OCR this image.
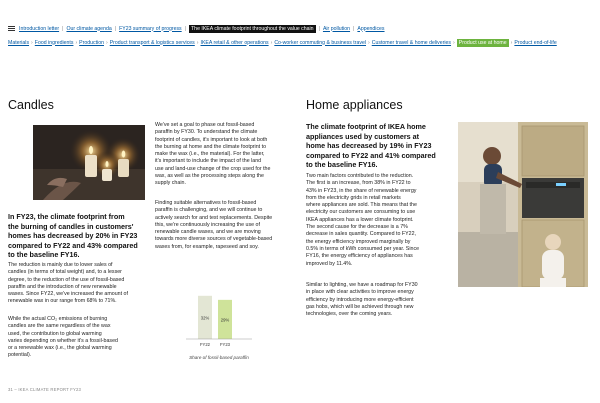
Introduction letter | Our climate agenda | FY23 summary of progress | The IKEA climate footprint throughout the value chain | Air pollution | Appendices
Materials › Food ingredients › Production › Product transport & logistics services › IKEA retail & other operations › Co-worker commuting & business travel › Customer travel & home deliveries › Product use at home › Product end-of-life
Candles	Home appliances
In FY23, the climate footprint from
the burning of candles in customers'
homes has decreased by 20% in FY23
compared to FY22 and 43% compared
to the baseline FY16.
The reduction is mainly due to lower sales of
candles (in terms of total weight) and, to a lesser
degree, to the reduction of the use of fossil-based
paraffin and the introduction of new renewable
waxes. Since FY22, we've increased the amount of
renewable wax in our range from 68% to 71%.
While the actual CO₂ emissions of burning
candles are the same regardless of the wax
used, the contribution to global warming
varies depending on whether it's a fossil-based
or a renewable wax (i.e., the global warming
potential).
We've set a goal to phase out fossil-based
paraffin by FY30. To understand the climate
footprint of candles, it's important to look at both
the burning at home and the climate footprint to
make the wax (i.e., the material). For the latter,
it's important to include the impact of the land
use and land-use change of the crop used for the
wax, as well as the processing steps along the
supply chain.
Finding suitable alternatives to fossil-based
paraffin is challenging, and we will continue to
actively search for and test replacements. Despite
this, we're continuously increasing the use of
renewable candle waxes, and we are moving
towards more diverse sources of vegetable-based
waxes from, for example, rapeseed and soy.
32%
FY22
29%
FY23
Share of fossil-based paraffin
The climate footprint of IKEA home
appliances used by customers at
home has decreased by 19% in FY23
compared to FY22 and 41% compared
to the baseline FY16.
Two main factors contributed to the reduction.
The first is an increase, from 38% in FY22 to
43% in FY23, in the share of renewable energy
from the electricity grids in retail markets
where appliances are sold. This means that the
electricity our customers are consuming to use
IKEA appliances has a lower climate footprint.
The second cause for the decrease is a 7%
decrease in sales quantity. Compared to FY22,
the energy efficiency improved marginally by
0.5% in terms of kWh consumed per year. Since
FY16, the energy efficiency of appliances has
improved by 11.4%.
Similar to lighting, we have a roadmap for FY30
in place with clear activities to improve energy
efficiency by introducing more energy-efficient
gas hobs, which will be achieved through new
technologies, over the coming years.
31 – IKEA CLIMATE REPORT FY23
